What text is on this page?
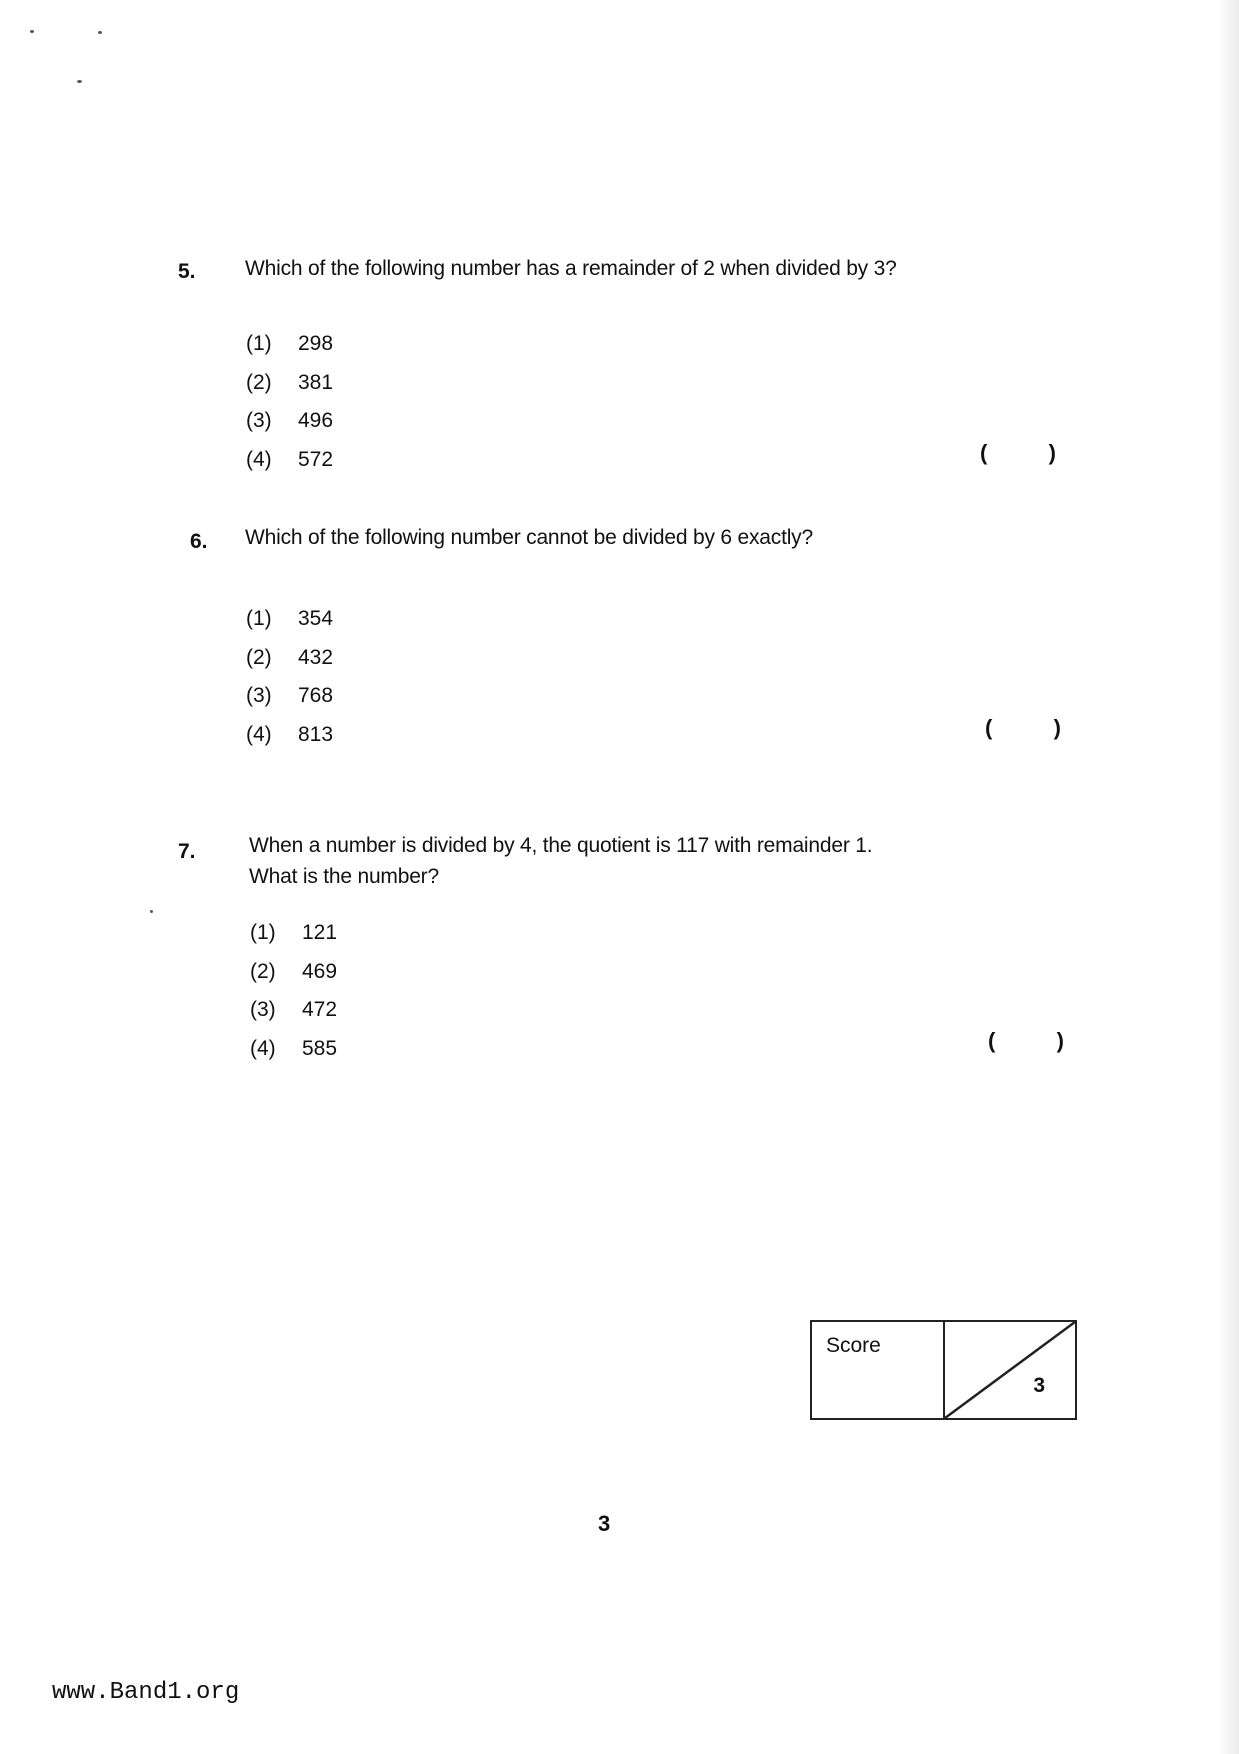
5. Which of the following number has a remainder of 2 when divided by 3?
(1)	298
(2)	381
(3)	496
(4)	572	(	)
6. Which of the following number cannot be divided by 6 exactly?
(1)	354
(2)	432
(3)	768
(4)	813	(	)
7.	When a number is divided by 4, the quotient is 117 with remainder 1.
What is the number?
(1)	121
(2)	469
(3)	472
(4)	585	(	)
Score
3
3
www.Band1.org
